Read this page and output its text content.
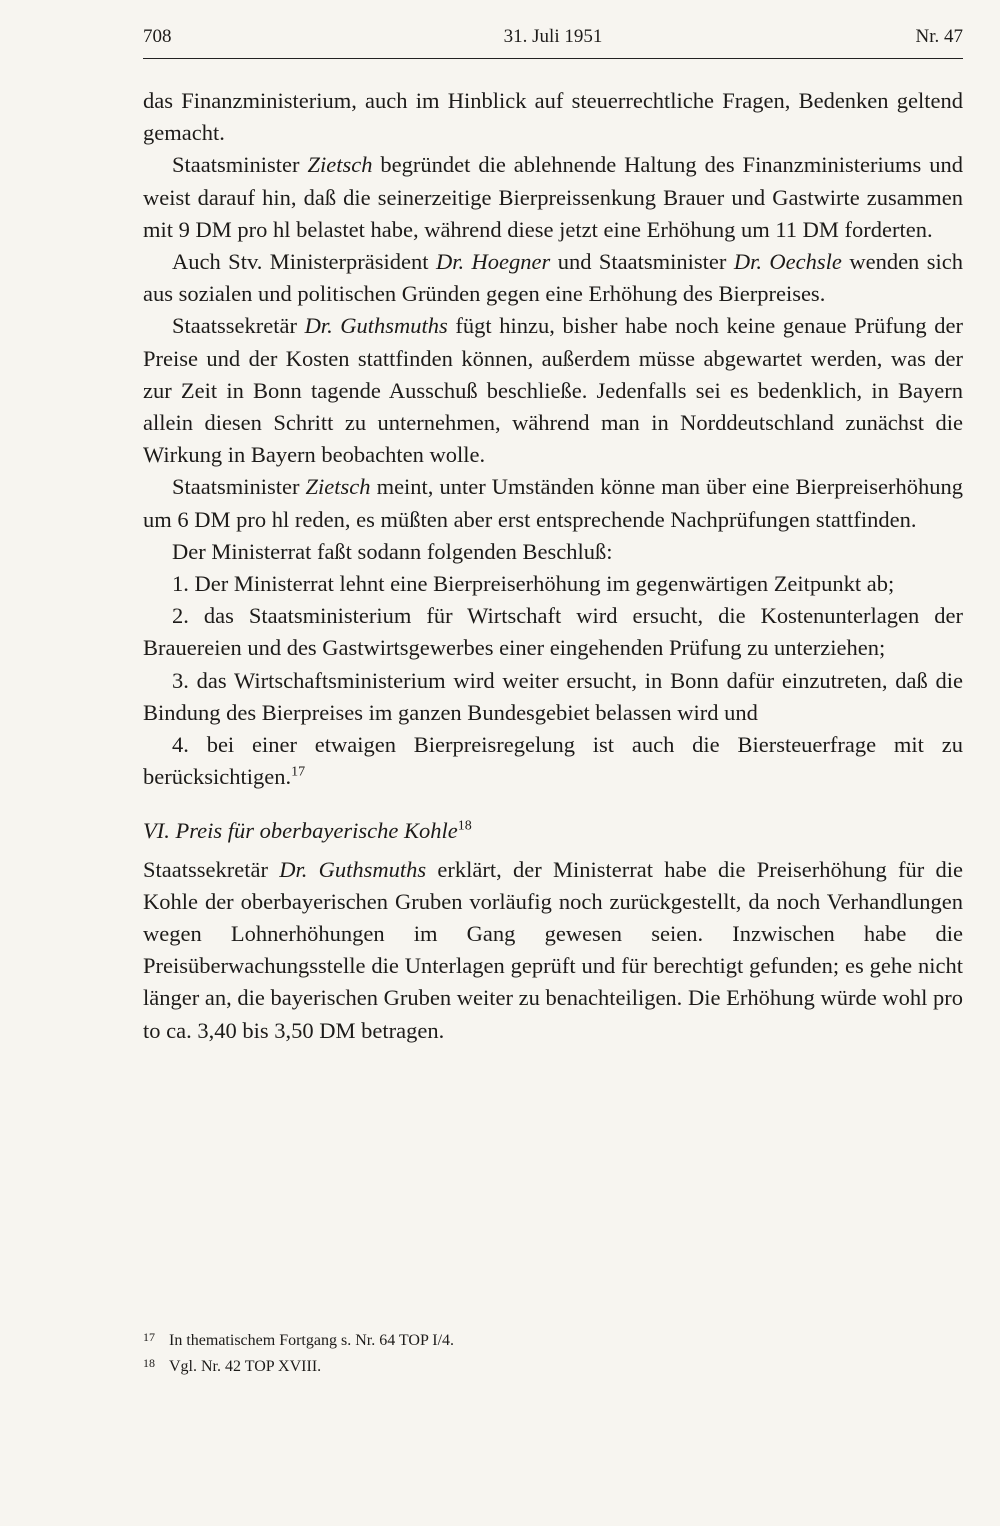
708	31. Juli 1951	Nr. 47

das Finanzministerium, auch im Hinblick auf steuerrechtliche Fragen, Bedenken geltend gemacht.

Staatsminister Zietsch begründet die ablehnende Haltung des Finanzministeriums und weist darauf hin, daß die seinerzeitige Bierpreissenkung Brauer und Gastwirte zusammen mit 9 DM pro hl belastet habe, während diese jetzt eine Erhöhung um 11 DM forderten.

Auch Stv. Ministerpräsident Dr. Hoegner und Staatsminister Dr. Oechsle wenden sich aus sozialen und politischen Gründen gegen eine Erhöhung des Bierpreises.

Staatssekretär Dr. Guthsmuths fügt hinzu, bisher habe noch keine genaue Prüfung der Preise und der Kosten stattfinden können, außerdem müsse abgewartet werden, was der zur Zeit in Bonn tagende Ausschuß beschließe. Jedenfalls sei es bedenklich, in Bayern allein diesen Schritt zu unternehmen, während man in Norddeutschland zunächst die Wirkung in Bayern beobachten wolle.

Staatsminister Zietsch meint, unter Umständen könne man über eine Bierpreiserhöhung um 6 DM pro hl reden, es müßten aber erst entsprechende Nachprüfungen stattfinden.

Der Ministerrat faßt sodann folgenden Beschluß:

1. Der Ministerrat lehnt eine Bierpreiserhöhung im gegenwärtigen Zeitpunkt ab;

2. das Staatsministerium für Wirtschaft wird ersucht, die Kostenunterlagen der Brauereien und des Gastwirtsgewerbes einer eingehenden Prüfung zu unterziehen;

3. das Wirtschaftsministerium wird weiter ersucht, in Bonn dafür einzutreten, daß die Bindung des Bierpreises im ganzen Bundesgebiet belassen wird und

4. bei einer etwaigen Bierpreisregelung ist auch die Biersteuerfrage mit zu berücksichtigen.$^{17}$

VI. Preis für oberbayerische Kohle$^{18}$

Staatssekretär Dr. Guthsmuths erklärt, der Ministerrat habe die Preiserhöhung für die Kohle der oberbayerischen Gruben vorläufig noch zurückgestellt, da noch Verhandlungen wegen Lohnerhöhungen im Gang gewesen seien. Inzwischen habe die Preisüberwachungsstelle die Unterlagen geprüft und für berechtigt gefunden; es gehe nicht länger an, die bayerischen Gruben weiter zu benachteiligen. Die Erhöhung würde wohl pro to ca. 3,40 bis 3,50 DM betragen.

17 In thematischem Fortgang s. Nr. 64 TOP I/4.
18 Vgl. Nr. 42 TOP XVIII.
